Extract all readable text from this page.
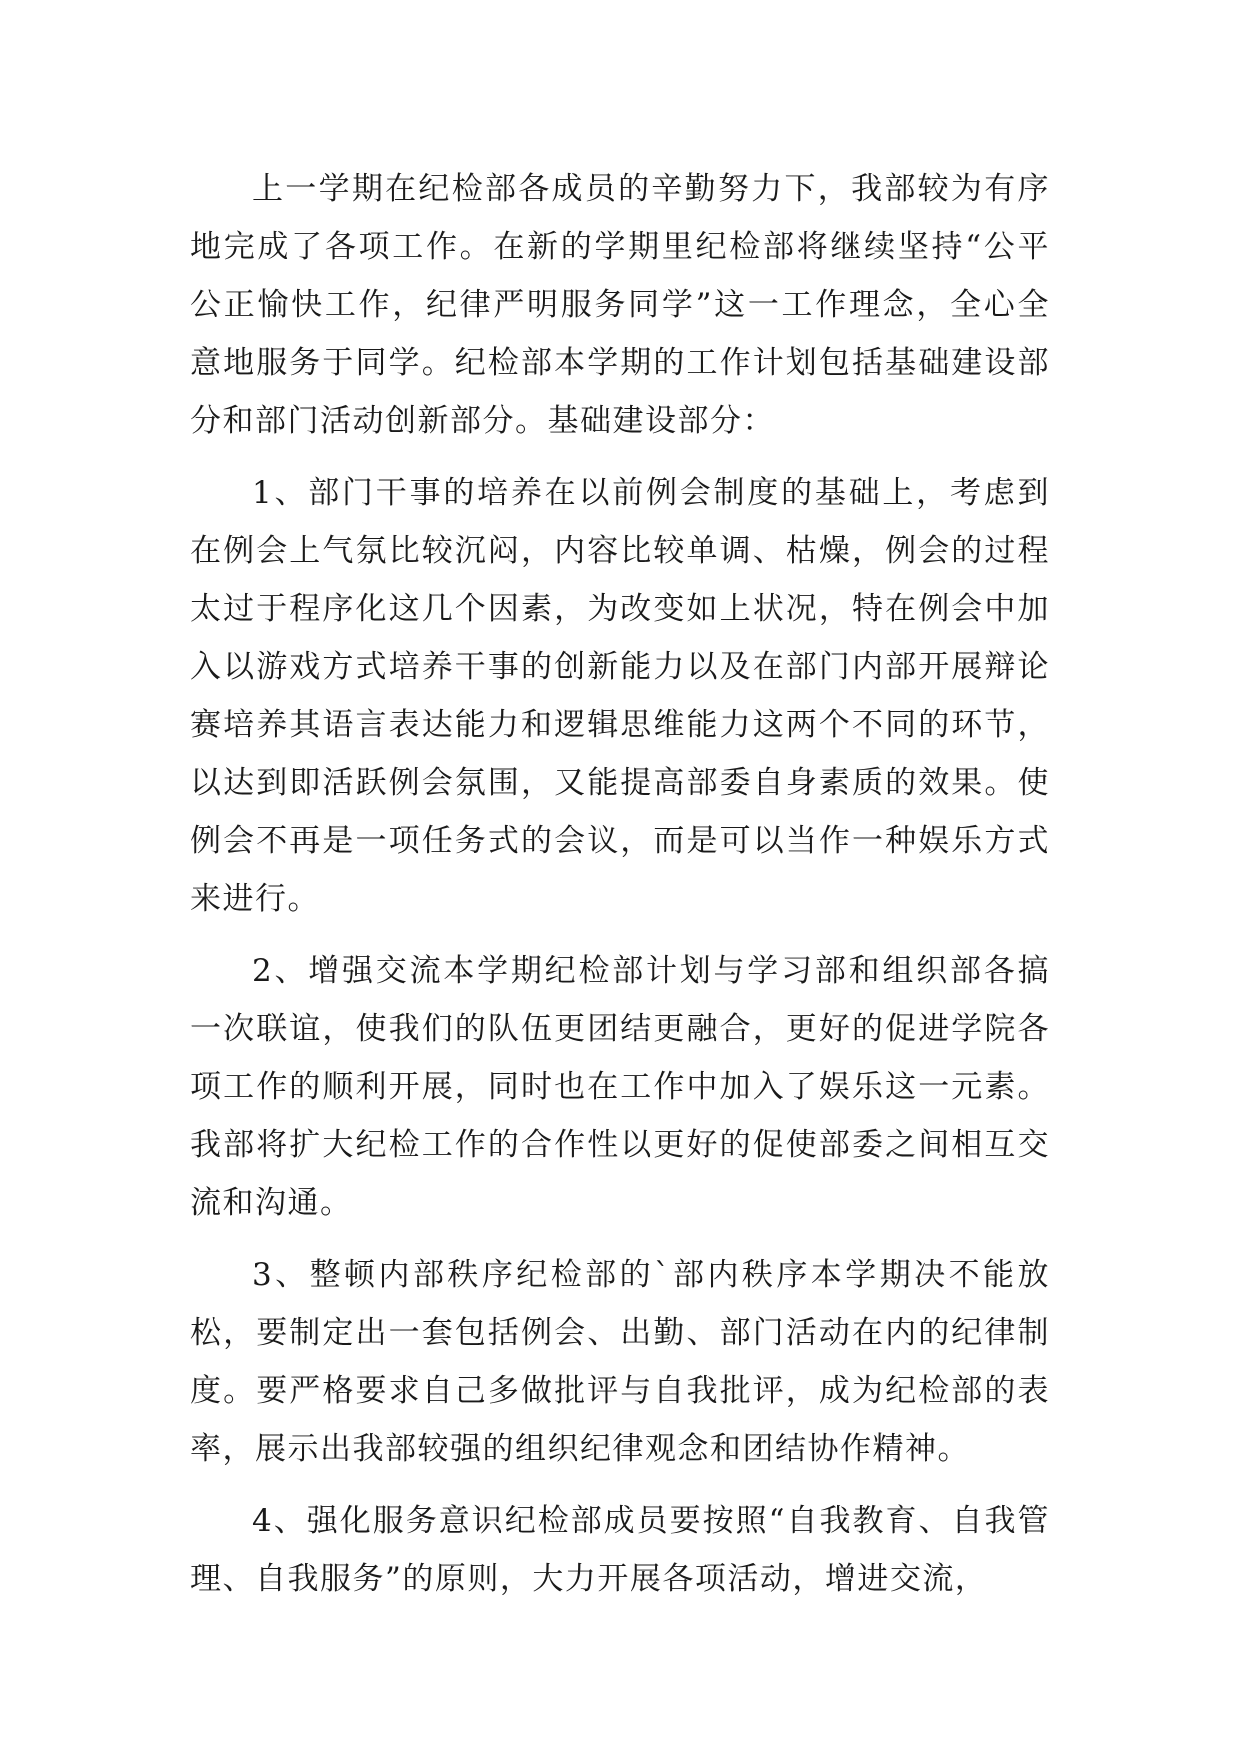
上一学期在纪检部各成员的辛勤努力下，我部较为有序地完成了各项工作。在新的学期里纪检部将继续坚持“公平公正愉快工作，纪律严明服务同学”这一工作理念，全心全意地服务于同学。纪检部本学期的工作计划包括基础建设部分和部门活动创新部分。基础建设部分：

1、部门干事的培养在以前例会制度的基础上，考虑到在例会上气氛比较沉闷，内容比较单调、枯燥，例会的过程太过于程序化这几个因素，为改变如上状况，特在例会中加入以游戏方式培养干事的创新能力以及在部门内部开展辩论赛培养其语言表达能力和逻辑思维能力这两个不同的环节，以达到即活跃例会氛围，又能提高部委自身素质的效果。使例会不再是一项任务式的会议，而是可以当作一种娱乐方式来进行。

2、增强交流本学期纪检部计划与学习部和组织部各搞一次联谊，使我们的队伍更团结更融合，更好的促进学院各项工作的顺利开展，同时也在工作中加入了娱乐这一元素。我部将扩大纪检工作的合作性以更好的促使部委之间相互交流和沟通。

3、整顿内部秩序纪检部的`部内秩序本学期决不能放松，要制定出一套包括例会、出勤、部门活动在内的纪律制度。要严格要求自己多做批评与自我批评，成为纪检部的表率，展示出我部较强的组织纪律观念和团结协作精神。

4、强化服务意识纪检部成员要按照“自我教育、自我管理、自我服务”的原则，大力开展各项活动，增进交流，
